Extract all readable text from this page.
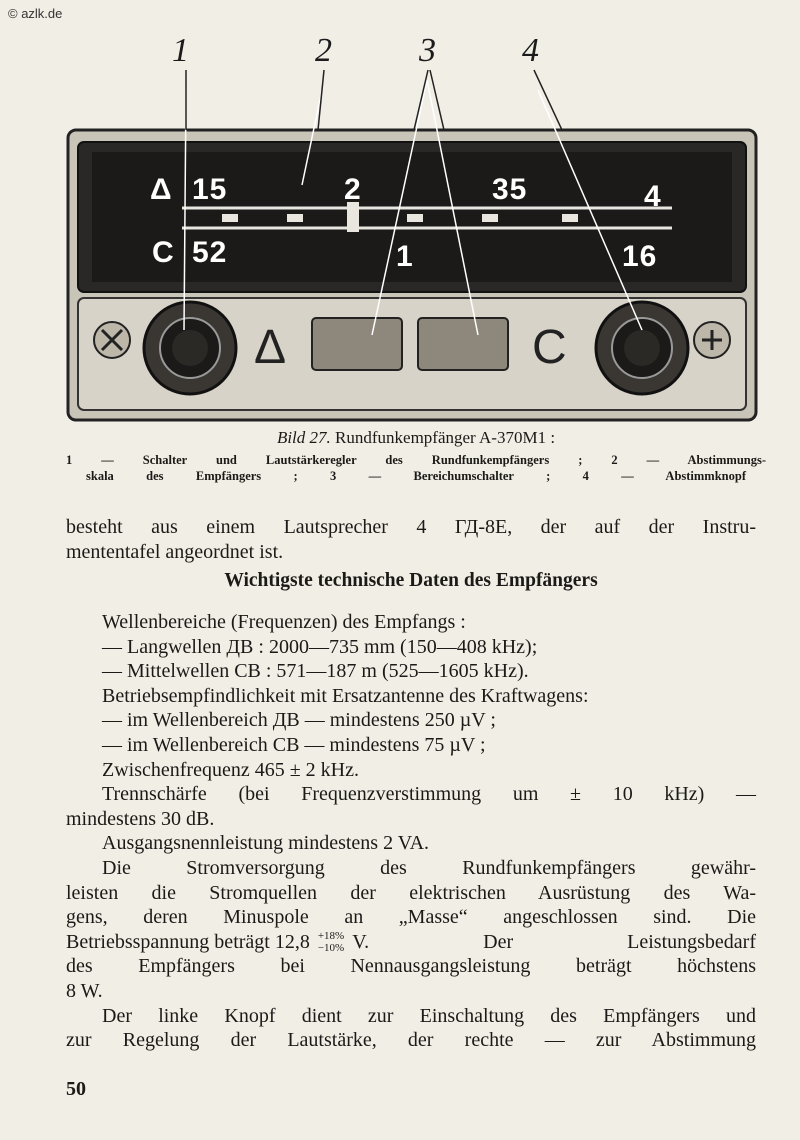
© azlk.de
1	2	3	4
Δ 15	2	35	4
C 52	1	16
Δ	C
Bild 27. Rundfunkempfänger A-370M1 :
1 — Schalter und Lautstärkeregler des Rundfunkempfängers ; 2 — Abstimmungs-
skala des Empfängers ; 3 — Bereichumschalter ; 4 — Abstimmknopf

besteht aus einem Lautsprecher 4 ГД-8Е, der auf der Instru-

mententafel angeordnet ist.

Wichtigste technische Daten des Empfängers

Wellenbereiche (Frequenzen) des Empfangs :

— Langwellen ДВ : 2000—735 mm (150—408 kHz);

— Mittelwellen СВ : 571—187 m (525—1605 kHz).

Betriebsempfindlichkeit mit Ersatzantenne des Kraftwagens:

— im Wellenbereich ДВ — mindestens 250 µV ;

— im Wellenbereich СВ — mindestens 75 µV ;

Zwischenfrequenz 465 ± 2 kHz.

Trennschärfe (bei Frequenzverstimmung um ± 10 kHz) —

mindestens 30 dB.

Ausgangsnennleistung mindestens 2 VA.

Die Stromversorgung des Rundfunkempfängers gewähr-

leisten die Stromquellen der elektrischen Ausrüstung des Wa-

gens, deren Minuspole an „Masse“ angeschlossen sind. Die

Betriebsspannung beträgt 12,8 +18%
−10% V. Der Leistungsbedarf

des Empfängers bei Nennausgangsleistung beträgt höchstens

8 W.

Der linke Knopf dient zur Einschaltung des Empfängers und

zur Regelung der Lautstärke, der rechte — zur Abstimmung

50
